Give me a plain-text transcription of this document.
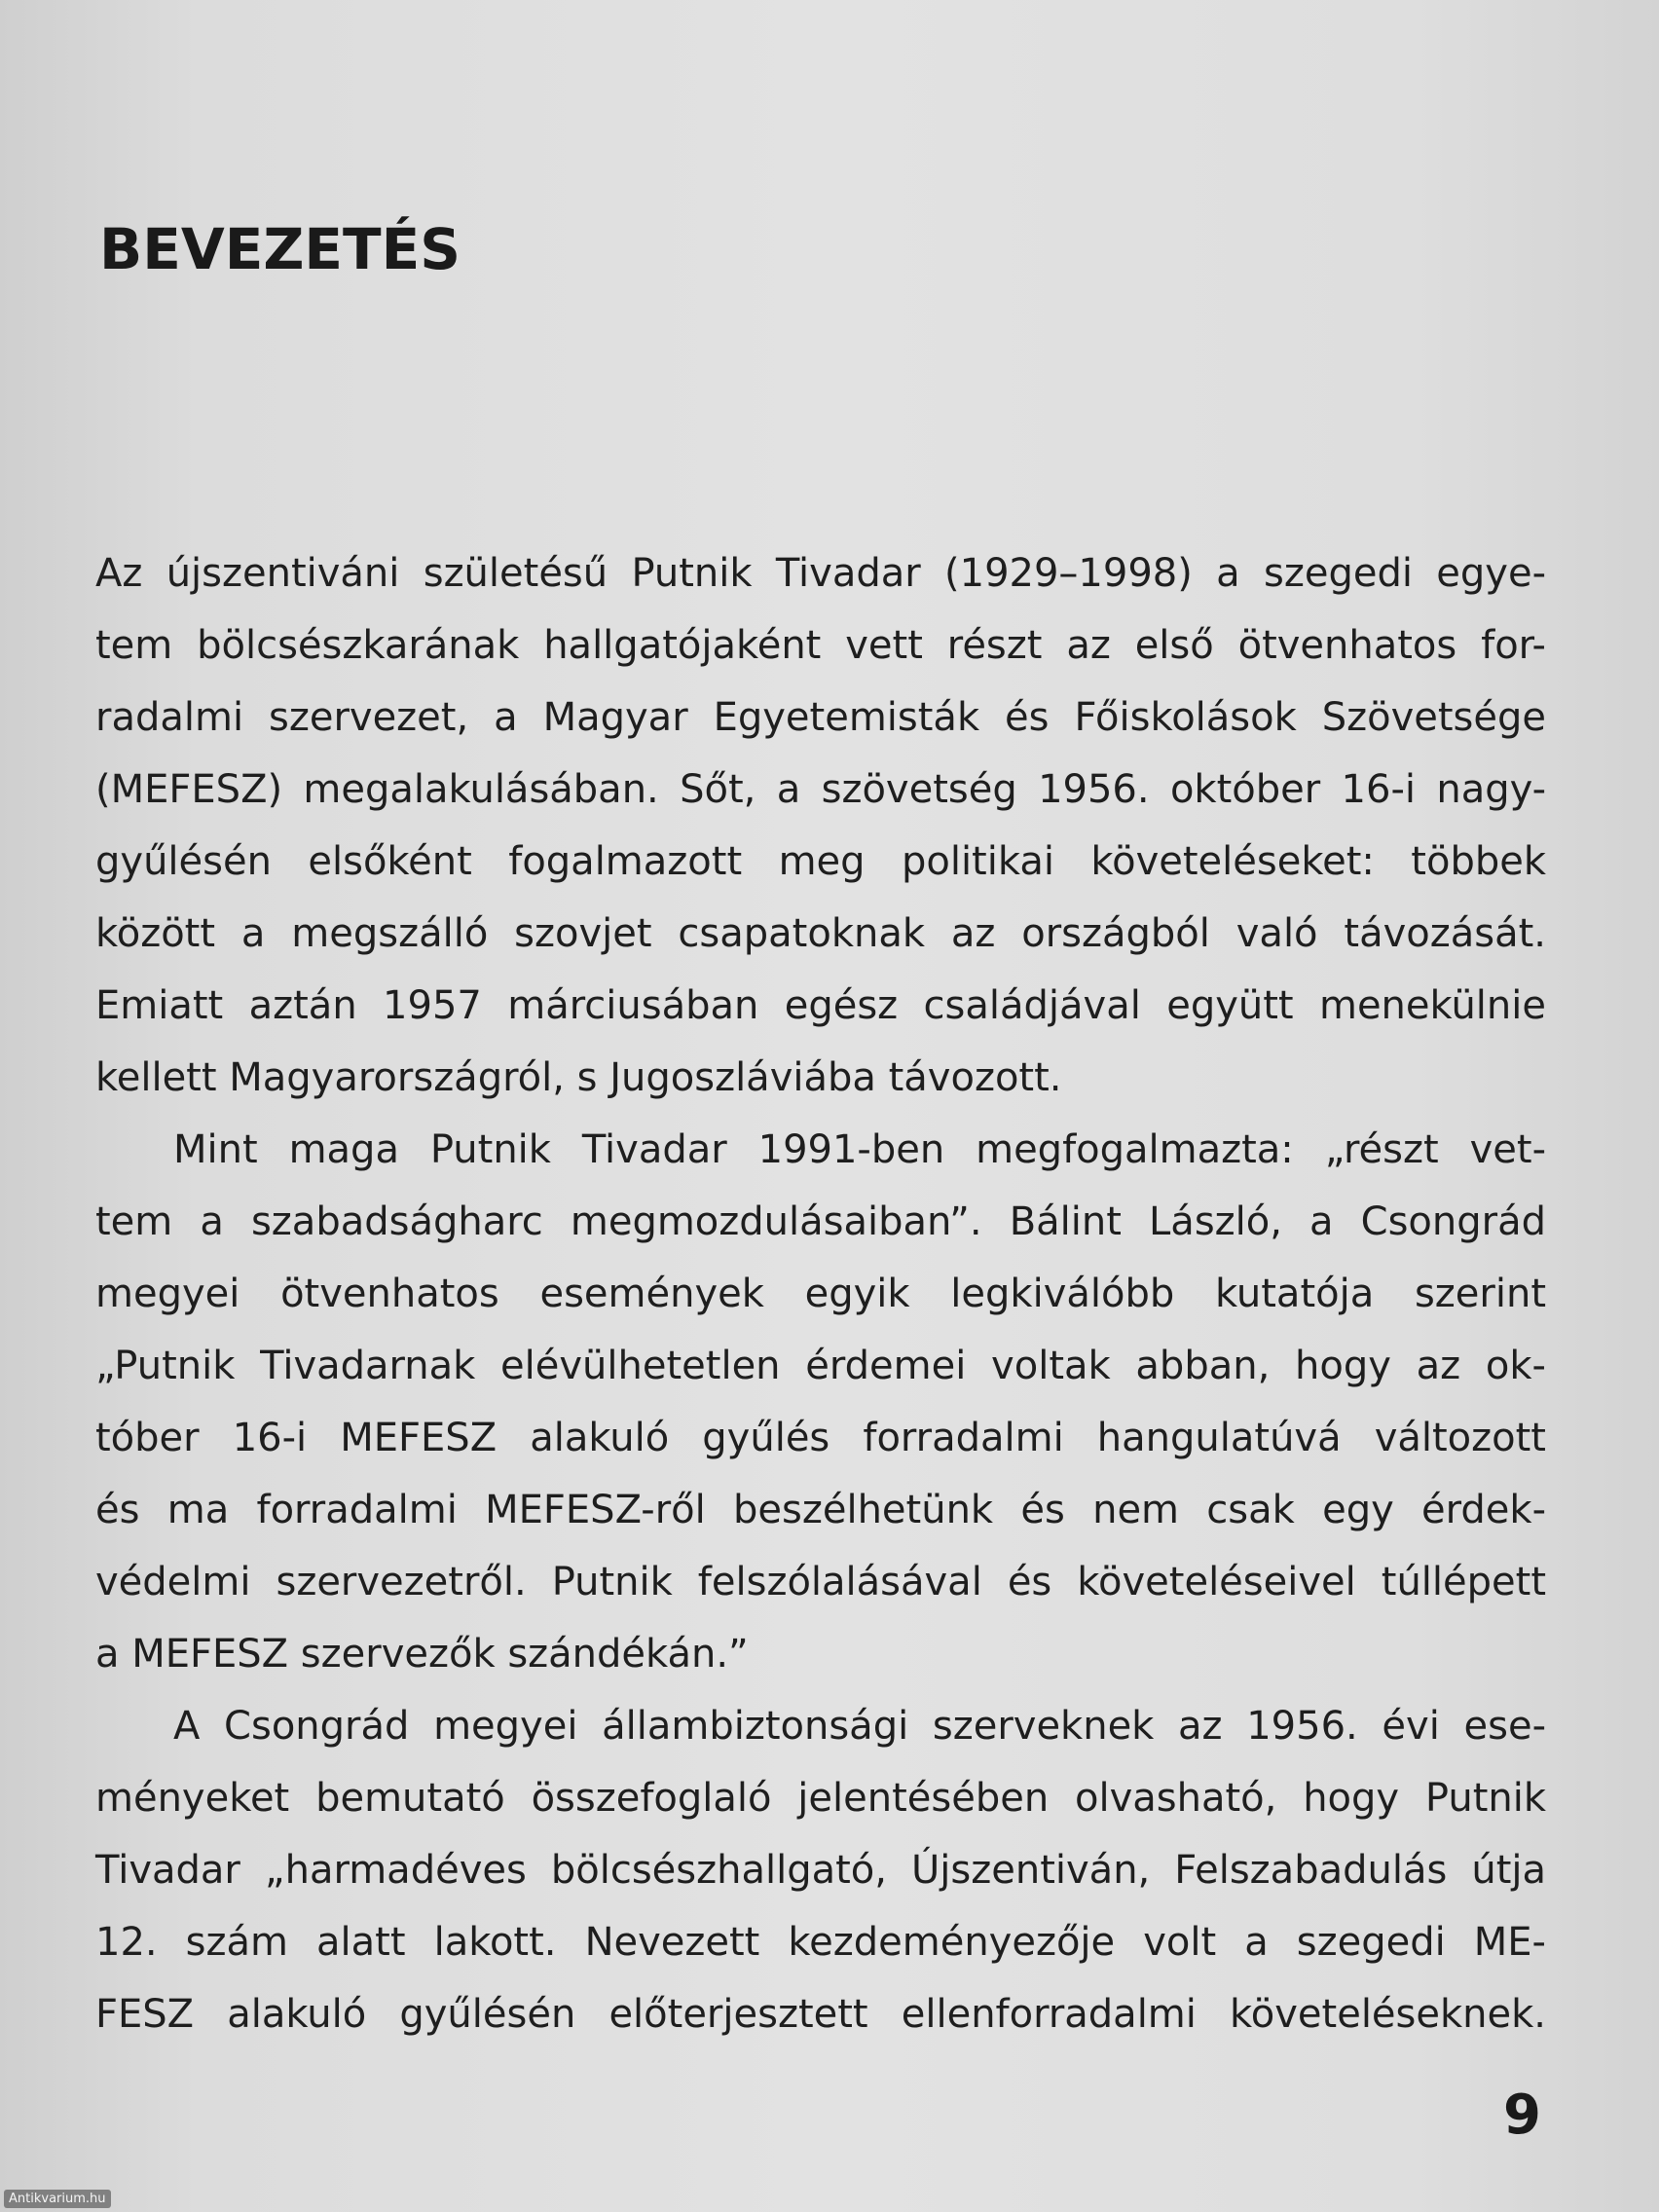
BEVEZETÉS

Az újszentiváni születésű Putnik Tivadar (1929–1998) a szegedi egye-
tem bölcsészkarának hallgatójaként vett részt az első ötvenhatos for-
radalmi szervezet, a Magyar Egyetemisták és Főiskolások Szövetsége
(MEFESZ) megalakulásában. Sőt, a szövetség 1956. október 16-i nagy-
gyűlésén elsőként fogalmazott meg politikai követeléseket: többek
között a megszálló szovjet csapatoknak az országból való távozását.
Emiatt aztán 1957 márciusában egész családjával együtt menekülnie
kellett Magyarországról, s Jugoszláviába távozott.

Mint maga Putnik Tivadar 1991-ben megfogalmazta: „részt vet-
tem a szabadságharc megmozdulásaiban”. Bálint László, a Csongrád
megyei ötvenhatos események egyik legkiválóbb kutatója szerint
„Putnik Tivadarnak elévülhetetlen érdemei voltak abban, hogy az ok-
tóber 16-i MEFESZ alakuló gyűlés forradalmi hangulatúvá változott
és ma forradalmi MEFESZ-ről beszélhetünk és nem csak egy érdek-
védelmi szervezetről. Putnik felszólalásával és követeléseivel túllépett
a MEFESZ szervezők szándékán.”

A Csongrád megyei állambiztonsági szerveknek az 1956. évi ese-
ményeket bemutató összefoglaló jelentésében olvasható, hogy Putnik
Tivadar „harmadéves bölcsészhallgató, Újszentiván, Felszabadulás útja
12. szám alatt lakott. Nevezett kezdeményezője volt a szegedi ME-
FESZ alakuló gyűlésén előterjesztett ellenforradalmi követeléseknek.

9
Antikvarium.hu
